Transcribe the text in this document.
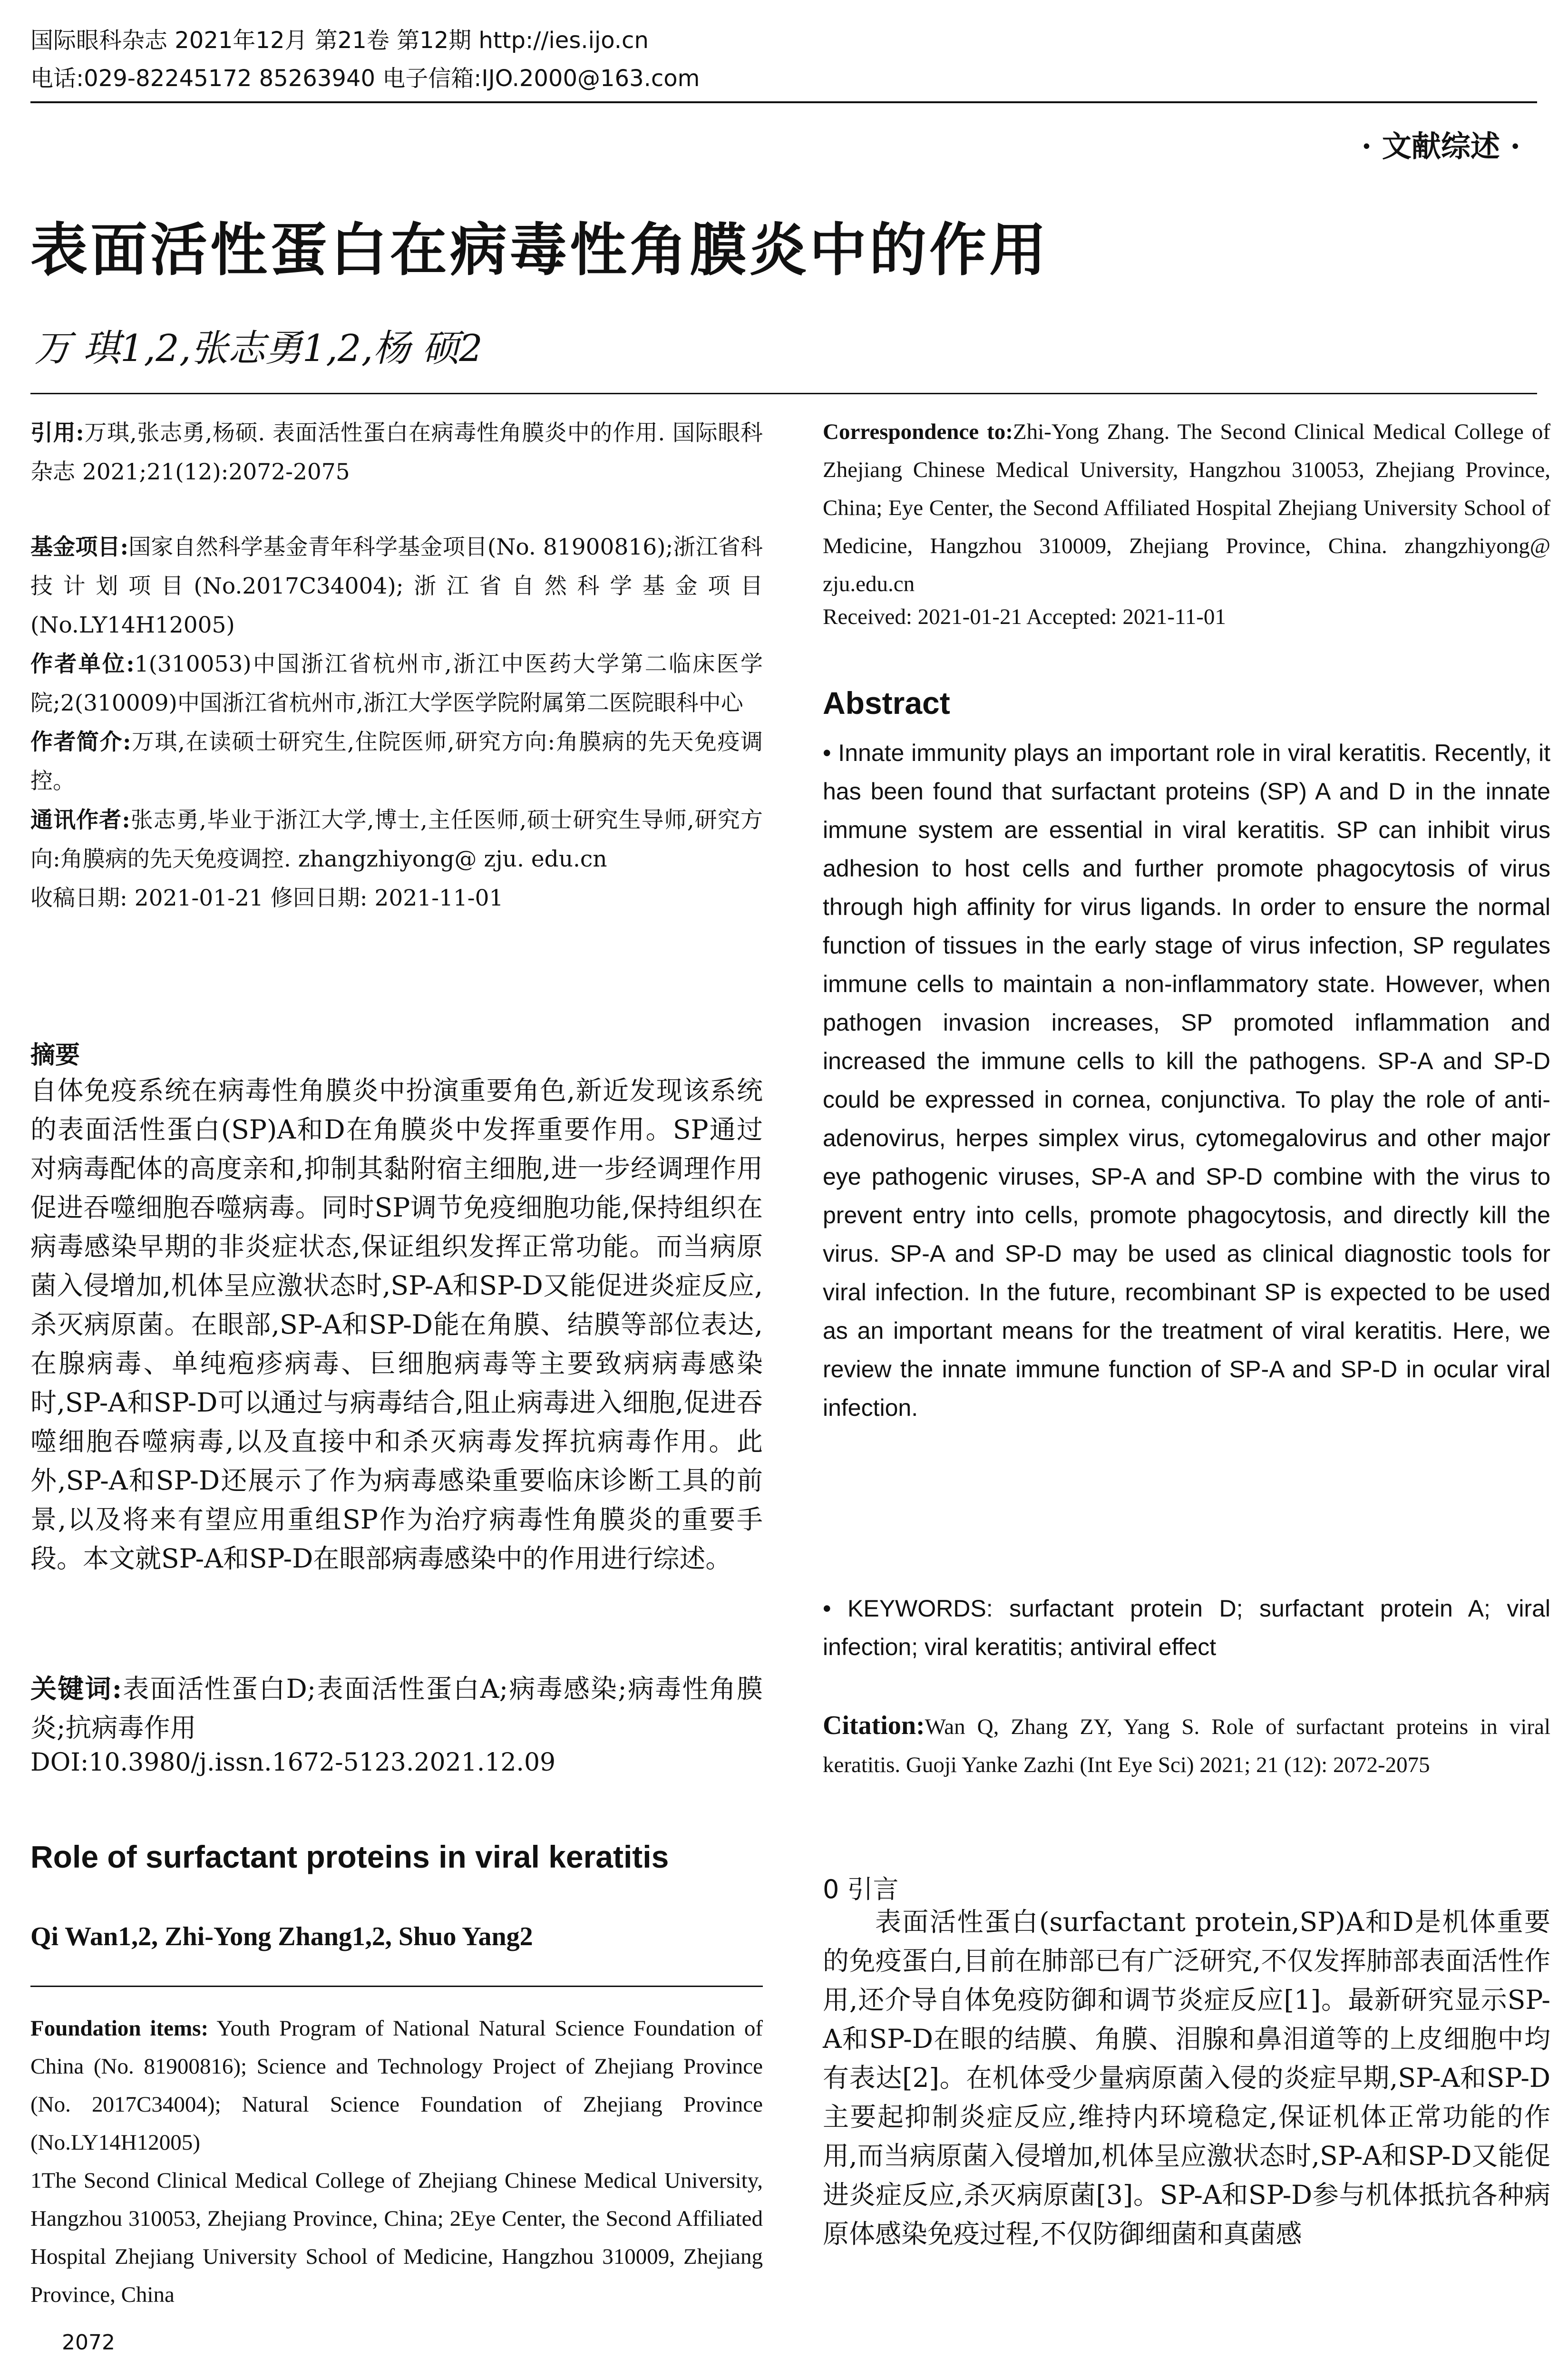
国际眼科杂志 2021年12月 第21卷 第12期 http://ies.ijo.cn
电话:029-82245172 85263940 电子信箱:IJO.2000@163.com
· 文献综述 ·
表面活性蛋白在病毒性角膜炎中的作用
万 琪1,2,张志勇1,2,杨 硕2

引用:万琪,张志勇,杨硕. 表面活性蛋白在病毒性角膜炎中的作用. 国际眼科杂志 2021;21(12):2072-2075

基金项目:国家自然科学基金青年科学基金项目(No. 81900816);浙江省科技计划项目(No.2017C34004);浙江省自然科学基金项目(No.LY14H12005)

作者单位:1(310053)中国浙江省杭州市,浙江中医药大学第二临床医学院;2(310009)中国浙江省杭州市,浙江大学医学院附属第二医院眼科中心

作者简介:万琪,在读硕士研究生,住院医师,研究方向:角膜病的先天免疫调控。

通讯作者:张志勇,毕业于浙江大学,博士,主任医师,硕士研究生导师,研究方向:角膜病的先天免疫调控. zhangzhiyong@ zju. edu.cn

收稿日期: 2021-01-21 修回日期: 2021-11-01

摘要
自体免疫系统在病毒性角膜炎中扮演重要角色,新近发现该系统的表面活性蛋白(SP)A和D在角膜炎中发挥重要作用。SP通过对病毒配体的高度亲和,抑制其黏附宿主细胞,进一步经调理作用促进吞噬细胞吞噬病毒。同时SP调节免疫细胞功能,保持组织在病毒感染早期的非炎症状态,保证组织发挥正常功能。而当病原菌入侵增加,机体呈应激状态时,SP-A和SP-D又能促进炎症反应,杀灭病原菌。在眼部,SP-A和SP-D能在角膜、结膜等部位表达,在腺病毒、单纯疱疹病毒、巨细胞病毒等主要致病病毒感染时,SP-A和SP-D可以通过与病毒结合,阻止病毒进入细胞,促进吞噬细胞吞噬病毒,以及直接中和杀灭病毒发挥抗病毒作用。此外,SP-A和SP-D还展示了作为病毒感染重要临床诊断工具的前景,以及将来有望应用重组SP作为治疗病毒性角膜炎的重要手段。本文就SP-A和SP-D在眼部病毒感染中的作用进行综述。
关键词:表面活性蛋白D;表面活性蛋白A;病毒感染;病毒性角膜炎;抗病毒作用
DOI:10.3980/j.issn.1672-5123.2021.12.09
Role of surfactant proteins in viral keratitis
Qi Wan1,2, Zhi-Yong Zhang1,2, Shuo Yang2
Foundation items: Youth Program of National Natural Science Foundation of China (No. 81900816); Science and Technology Project of Zhejiang Province (No. 2017C34004); Natural Science Foundation of Zhejiang Province (No.LY14H12005)
1The Second Clinical Medical College of Zhejiang Chinese Medical University, Hangzhou 310053, Zhejiang Province, China; 2Eye Center, the Second Affiliated Hospital Zhejiang University School of Medicine, Hangzhou 310009, Zhejiang Province, China
2072
Correspondence to:Zhi-Yong Zhang. The Second Clinical Medical College of Zhejiang Chinese Medical University, Hangzhou 310053, Zhejiang Province, China; Eye Center, the Second Affiliated Hospital Zhejiang University School of Medicine, Hangzhou 310009, Zhejiang Province, China. zhangzhiyong@ zju.edu.cn
Received: 2021-01-21 Accepted: 2021-11-01
Abstract
• Innate immunity plays an important role in viral keratitis. Recently, it has been found that surfactant proteins (SP) A and D in the innate immune system are essential in viral keratitis. SP can inhibit virus adhesion to host cells and further promote phagocytosis of virus through high affinity for virus ligands. In order to ensure the normal function of tissues in the early stage of virus infection, SP regulates immune cells to maintain a non-inflammatory state. However, when pathogen invasion increases, SP promoted inflammation and increased the immune cells to kill the pathogens. SP-A and SP-D could be expressed in cornea, conjunctiva. To play the role of anti-adenovirus, herpes simplex virus, cytomegalovirus and other major eye pathogenic viruses, SP-A and SP-D combine with the virus to prevent entry into cells, promote phagocytosis, and directly kill the virus. SP-A and SP-D may be used as clinical diagnostic tools for viral infection. In the future, recombinant SP is expected to be used as an important means for the treatment of viral keratitis. Here, we review the innate immune function of SP-A and SP-D in ocular viral infection.
• KEYWORDS: surfactant protein D; surfactant protein A; viral infection; viral keratitis; antiviral effect
Citation:Wan Q, Zhang ZY, Yang S. Role of surfactant proteins in viral keratitis. Guoji Yanke Zazhi (Int Eye Sci) 2021; 21 (12): 2072-2075
0 引言
表面活性蛋白(surfactant protein,SP)A和D是机体重要的免疫蛋白,目前在肺部已有广泛研究,不仅发挥肺部表面活性作用,还介导自体免疫防御和调节炎症反应[1]。最新研究显示SP-A和SP-D在眼的结膜、角膜、泪腺和鼻泪道等的上皮细胞中均有表达[2]。在机体受少量病原菌入侵的炎症早期,SP-A和SP-D主要起抑制炎症反应,维持内环境稳定,保证机体正常功能的作用,而当病原菌入侵增加,机体呈应激状态时,SP-A和SP-D又能促进炎症反应,杀灭病原菌[3]。SP-A和SP-D参与机体抵抗各种病原体感染免疫过程,不仅防御细菌和真菌感
